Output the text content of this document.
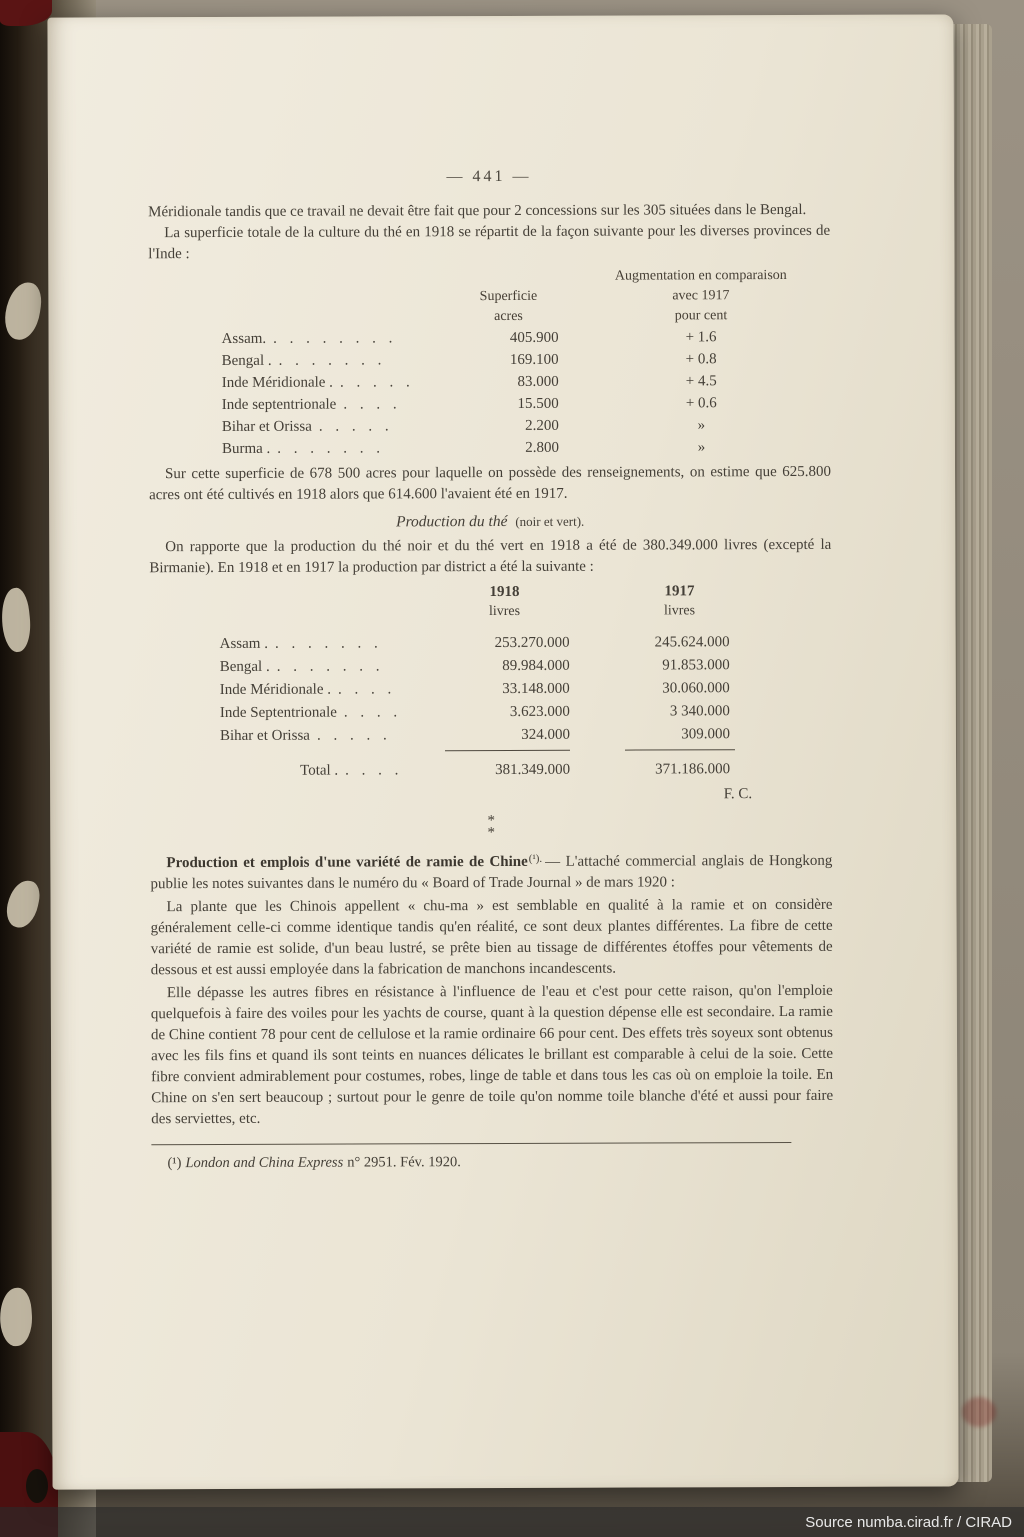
— 441 —

Méridionale tandis que ce travail ne devait être fait que pour 2 concessions sur les 305 situées dans le Bengal.

La superficie totale de la culture du thé en 1918 se répartit de la façon suivante pour les diverses provinces de l'Inde :

Augmentation en comparaison
Superficie	avec 1917
acres	pour cent
Assam. . . . . . . . .	405.900	+ 1.6
Bengal . . . . . . . .	169.100	+ 0.8
Inde Méridionale . . . . . .	83.000	+ 4.5
Inde septentrionale . . . .	15.500	+ 0.6
Bihar et Orissa . . . . .	2.200	»
Burma . . . . . . . .	2.800	»

Sur cette superficie de 678 500 acres pour laquelle on possède des renseignements, on estime que 625.800 acres ont été cultivés en 1918 alors que 614.600 l'avaient été en 1917.

Production du thé (noir et vert).

On rapporte que la production du thé noir et du thé vert en 1918 a été de 380.349.000 livres (excepté la Birmanie). En 1918 et en 1917 la production par district a été la suivante :

1918	1917
livres	livres
Assam . . . . . . . .	253.270.000	245.624.000
Bengal . . . . . . . .	89.984.000	91.853.000
Inde Méridionale . . . . .	33.148.000	30.060.000
Inde Septentrionale . . . .	3.623.000	3 340.000
Bihar et Orissa . . . . .	324.000	309.000
Total . . . . .	381.349.000	371.186.000
F. C.
*
*

Production et emplois d'une variété de ramie de Chine$^{(^1).}$ — L'attaché commercial anglais de Hongkong publie les notes suivantes dans le numéro du « Board of Trade Journal » de mars 1920 :

La plante que les Chinois appellent « chu-ma » est semblable en qualité à la ramie et on considère généralement celle-ci comme identique tandis qu'en réalité, ce sont deux plantes différentes. La fibre de cette variété de ramie est solide, d'un beau lustré, se prête bien au tissage de différentes étoffes pour vêtements de dessous et est aussi employée dans la fabrication de manchons incandescents.

Elle dépasse les autres fibres en résistance à l'influence de l'eau et c'est pour cette raison, qu'on l'emploie quelquefois à faire des voiles pour les yachts de course, quant à la question dépense elle est secondaire. La ramie de Chine contient 78 pour cent de cellulose et la ramie ordinaire 66 pour cent. Des effets très soyeux sont obtenus avec les fils fins et quand ils sont teints en nuances délicates le brillant est comparable à celui de la soie. Cette fibre convient admirablement pour costumes, robes, linge de table et dans tous les cas où on emploie la toile. En Chine on s'en sert beaucoup ; surtout pour le genre de toile qu'on nomme toile blanche d'été et aussi pour faire des serviettes, etc.

(¹) London and China Express n° 2951. Fév. 1920.

Source numba.cirad.fr / CIRAD
